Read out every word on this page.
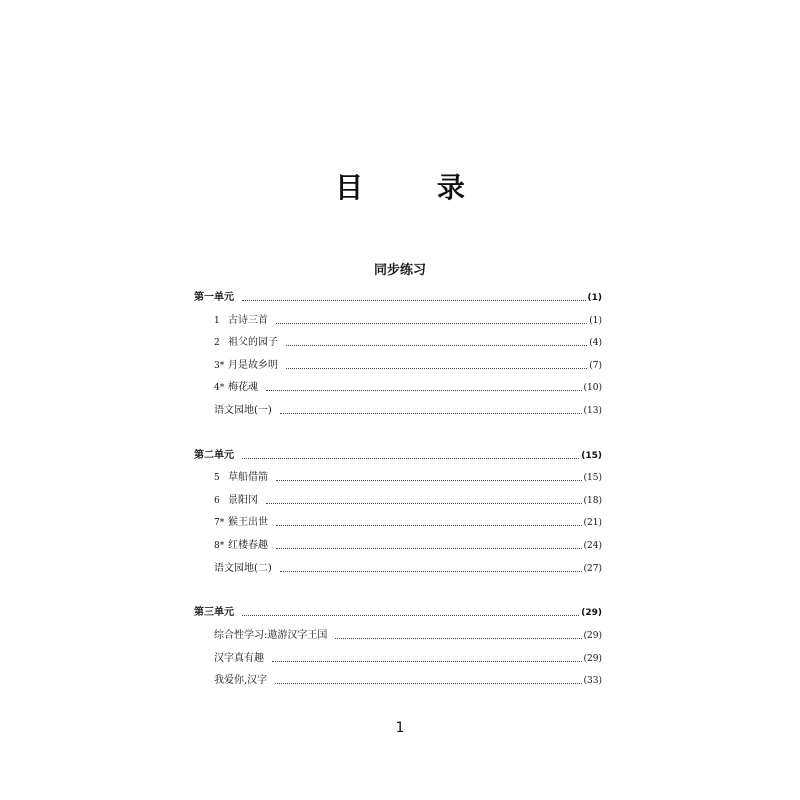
目 录
同步练习
第一单元	(1)
1 古诗三首	(1)
2 祖父的园子	(4)
3* 月是故乡明	(7)
4* 梅花魂	(10)
语文园地(一)	(13)
第二单元	(15)
5 草船借箭	(15)
6 景阳冈	(18)
7* 猴王出世	(21)
8* 红楼春趣	(24)
语文园地(二)	(27)
第三单元	(29)
综合性学习:遨游汉字王国	(29)
汉字真有趣	(29)
我爱你,汉字	(33)
1
